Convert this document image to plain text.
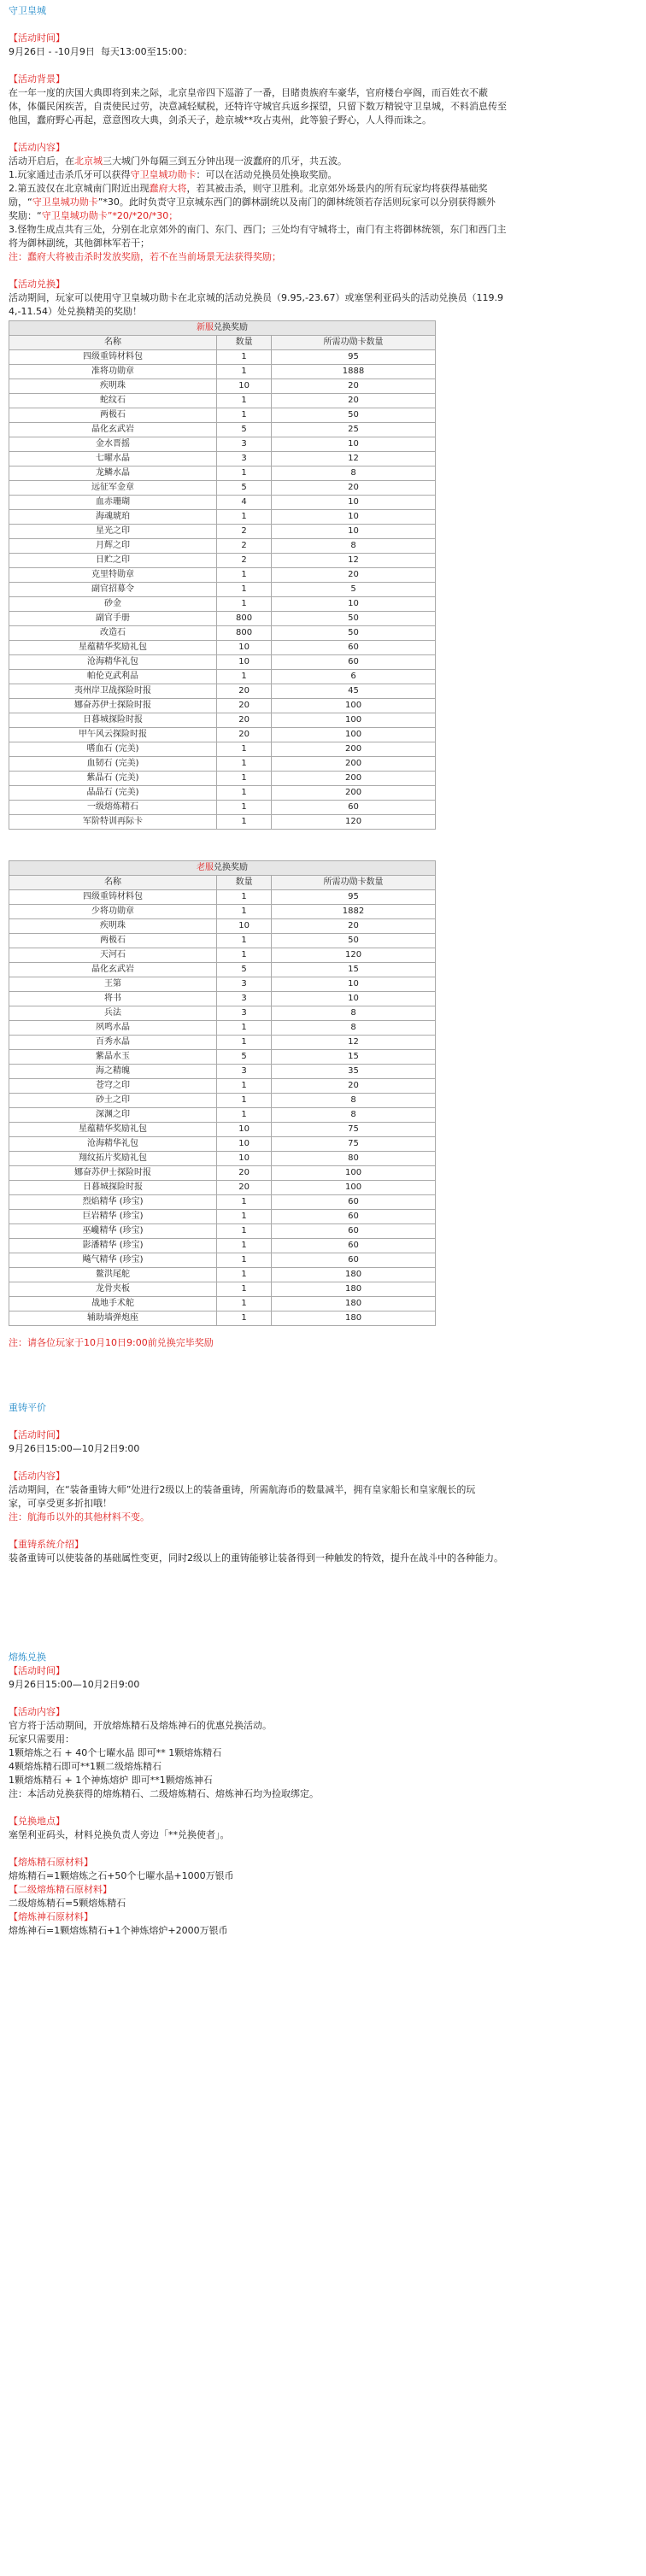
守卫皇城

【活动时间】

9月26日 - -10月9日  每天13:00至15:00：

【活动背景】

在一年一度的庆国大典即将到来之际，北京皇帝四下巡游了一番，目睹贵族府车豪华，官府楼台亭阁，而百姓衣不蔽

体，体僵民闲疾苦，自责使民过劳，决意减轻赋税，还特许守城官兵返乡探望，只留下数万精锐守卫皇城，不料消息传至

他国，蠢府野心再起，意意图攻大典，剑杀天子，趁京城**攻占夷州，此等狼子野心，人人得而诛之。

【活动内容】

活动开启后，在北京城三大城门外每隔三到五分钟出现一波蠢府的爪牙，共五波。

1.玩家通过击杀爪牙可以获得守卫皇城功勋卡：可以在活动兑换员处换取奖励。

2.第五波仅在北京城南门附近出现蠢府大将，若其被击杀，则守卫胜利。北京郊外场景内的所有玩家均将获得基础奖

励，“守卫皇城功勋卡”*30。此时负责守卫京城东西门的御林副统以及南门的御林统领若存活则玩家可以分别获得额外

奖励：“守卫皇城功勋卡”*20/*20/*30；

3.怪物生成点共有三处，分别在北京郊外的南门、东门、西门；三处均有守城将士，南门有主将御林统领，东门和西门主

将为御林副统，其他御林军若干；

注：蠢府大将被击杀时发放奖励，若不在当前场景无法获得奖励；

【活动兑换】

活动期间，玩家可以使用守卫皇城功勋卡在北京城的活动兑换员（9.95,-23.67）或塞堡利亚码头的活动兑换员（119.9

4,-11.54）处兑换精美的奖励！

新服兑换奖励		
名称	数量	所需功勋卡数量
四级重铸材料包	1	95
准将功勋章	1	1888
疾明珠	10	20
蛇纹石	1	20
两极石	1	50
晶化玄武岩	5	25
金水晋摇	3	10
七曜水晶	3	12
龙鳞水晶	1	8
远征军金章	5	20
血赤珊瑚	4	10
海魂琥珀	1	10
星光之印	2	10
月辉之印	2	8
日贮之印	2	12
克里特勋章	1	20
副官招募令	1	5
砂金	1	10
副官手册	800	50
改造石	800	50
星蕴精华奖励礼包	10	60
沧海精华礼包	10	60
帕伦克武利品	1	6
夷州岸卫战探险时报	20	45
娜奋苏伊士探险时报	20	100
日暮城探险时报	20	100
甲午风云探险时报	20	100
嗜血石 (完美)	1	200
血韧石 (完美)	1	200
紫晶石 (完美)	1	200
晶晶石 (完美)	1	200
一级熔炼精石	1	60
军阶特训再际卡	1	120
老服兑换奖励		
名称	数量	所需功勋卡数量
四级重铸材料包	1	95
少将功勋章	1	1882
疾明珠	10	20
两极石	1	50
天河石	1	120
晶化玄武岩	5	15
王第	3	10
将书	3	10
兵法	3	8
夙鸣水晶	1	8
百秀水晶	1	12
紫晶水玉	5	15
海之精魄	3	35
苍穹之印	1	20
砂土之印	1	8
深渊之印	1	8
星蕴精华奖励礼包	10	75
沧海精华礼包	10	75
翔纹拓片奖励礼包	10	80
娜奋苏伊士探险时报	20	100
日暮城探险时报	20	100
烈焰精华 (珍宝)	1	60
巨岩精华 (珍宝)	1	60
巫巉精华 (珍宝)	1	60
影潘精华 (珍宝)	1	60
飚气精华 (珍宝)	1	60
鳌洪尾舵	1	180
龙骨夹板	1	180
战地手术舵	1	180
辅助墙弹炮座	1	180

注：请各位玩家于10月10日9:00前兑换完毕奖励

重铸平价

【活动时间】

9月26日15:00—10月2日9:00

【活动内容】

活动期间，在“装备重铸大师”处进行2级以上的装备重铸，所需航海币的数量减半，拥有皇家船长和皇家舰长的玩

家，可享受更多折扣哦！

注：航海币以外的其他材料不变。

【重铸系统介绍】

装备重铸可以使装备的基础属性变更，同时2级以上的重铸能够让装备得到一种触发的特效，提升在战斗中的各种能力。

熔炼兑换

【活动时间】

9月26日15:00—10月2日9:00

【活动内容】

官方将于活动期间，开放熔炼精石及熔炼神石的优惠兑换活动。

玩家只需要用：

1颗熔炼之石 + 40个七曜水晶 即可** 1颗熔炼精石

4颗熔炼精石即可**1颗二级熔炼精石

1颗熔炼精石 + 1个神炼熔炉 即可**1颗熔炼神石

注：本活动兑换获得的熔炼精石、二级熔炼精石、熔炼神石均为捡取绑定。

【兑换地点】

塞堡利亚码头，材料兑换负责人旁边「**兑换使者」。

【熔炼精石原材料】

熔炼精石=1颗熔炼之石+50个七曜水晶+1000万银币

【二级熔炼精石原材料】

二级熔炼精石=5颗熔炼精石

【熔炼神石原材料】

熔炼神石=1颗熔炼精石+1个神炼熔炉+2000万银币
